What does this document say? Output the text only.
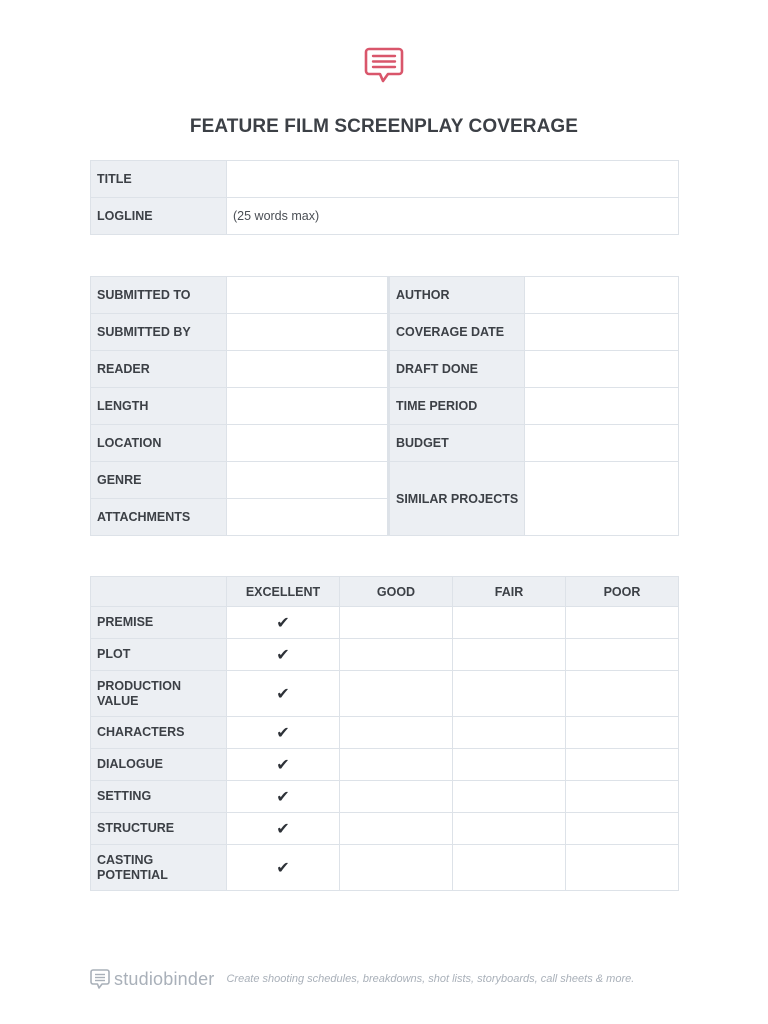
FEATURE FILM SCREENPLAY COVERAGE
TITLE	
LOGLINE	(25 words max)
SUBMITTED TO		AUTHOR	
SUBMITTED BY		COVERAGE DATE	
READER		DRAFT DONE	
LENGTH		TIME PERIOD	
LOCATION		BUDGET	
GENRE		SIMILAR PROJECTS	
ATTACHMENTS			
	EXCELLENT	GOOD	FAIR	POOR
PREMISE	✔			
PLOT	✔			
PRODUCTION VALUE	✔			
CHARACTERS	✔			
DIALOGUE	✔			
SETTING	✔			
STRUCTURE	✔			
CASTING POTENTIAL	✔			
studiobinder Create shooting schedules, breakdowns, shot lists, storyboards, call sheets & more.
